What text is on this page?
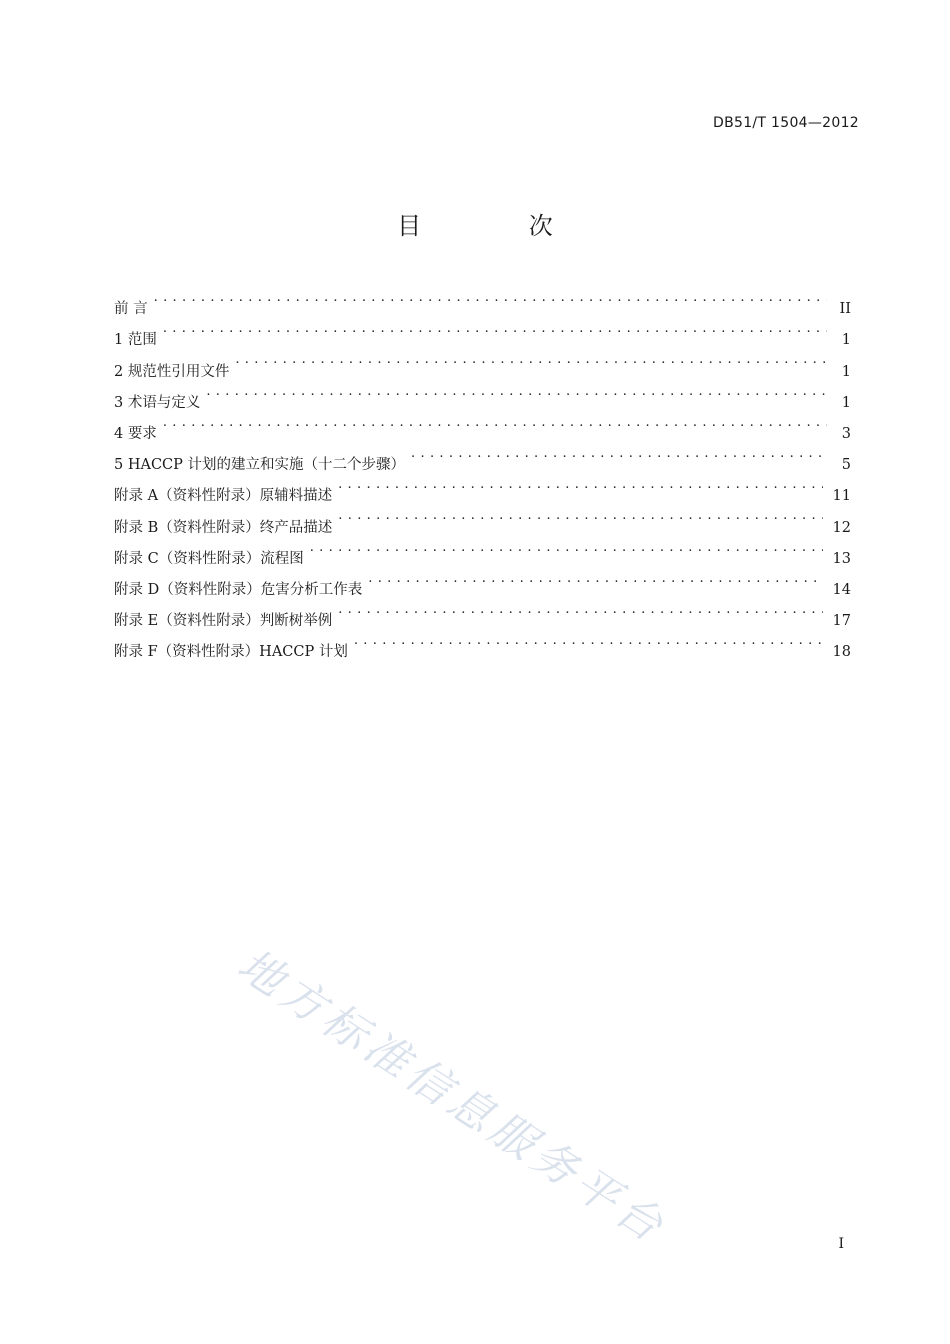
DB51/T 1504—2012
目 次
前 言 . . .	II
1 范围 . . .	1
2 规范性引用文件 . . .	1
3 术语与定义 . . .	1
4 要求 . . .	3
5 HACCP 计划的建立和实施（十二个步骤） . . .	5
附录 A（资料性附录）原辅料描述 . . .	11
附录 B（资料性附录）终产品描述 . . .	12
附录 C（资料性附录）流程图 . . .	13
附录 D（资料性附录）危害分析工作表 . . .	14
附录 E（资料性附录）判断树举例 . . .	17
附录 F（资料性附录）HACCP 计划 . . .	18
地方标准信息服务平台	I
